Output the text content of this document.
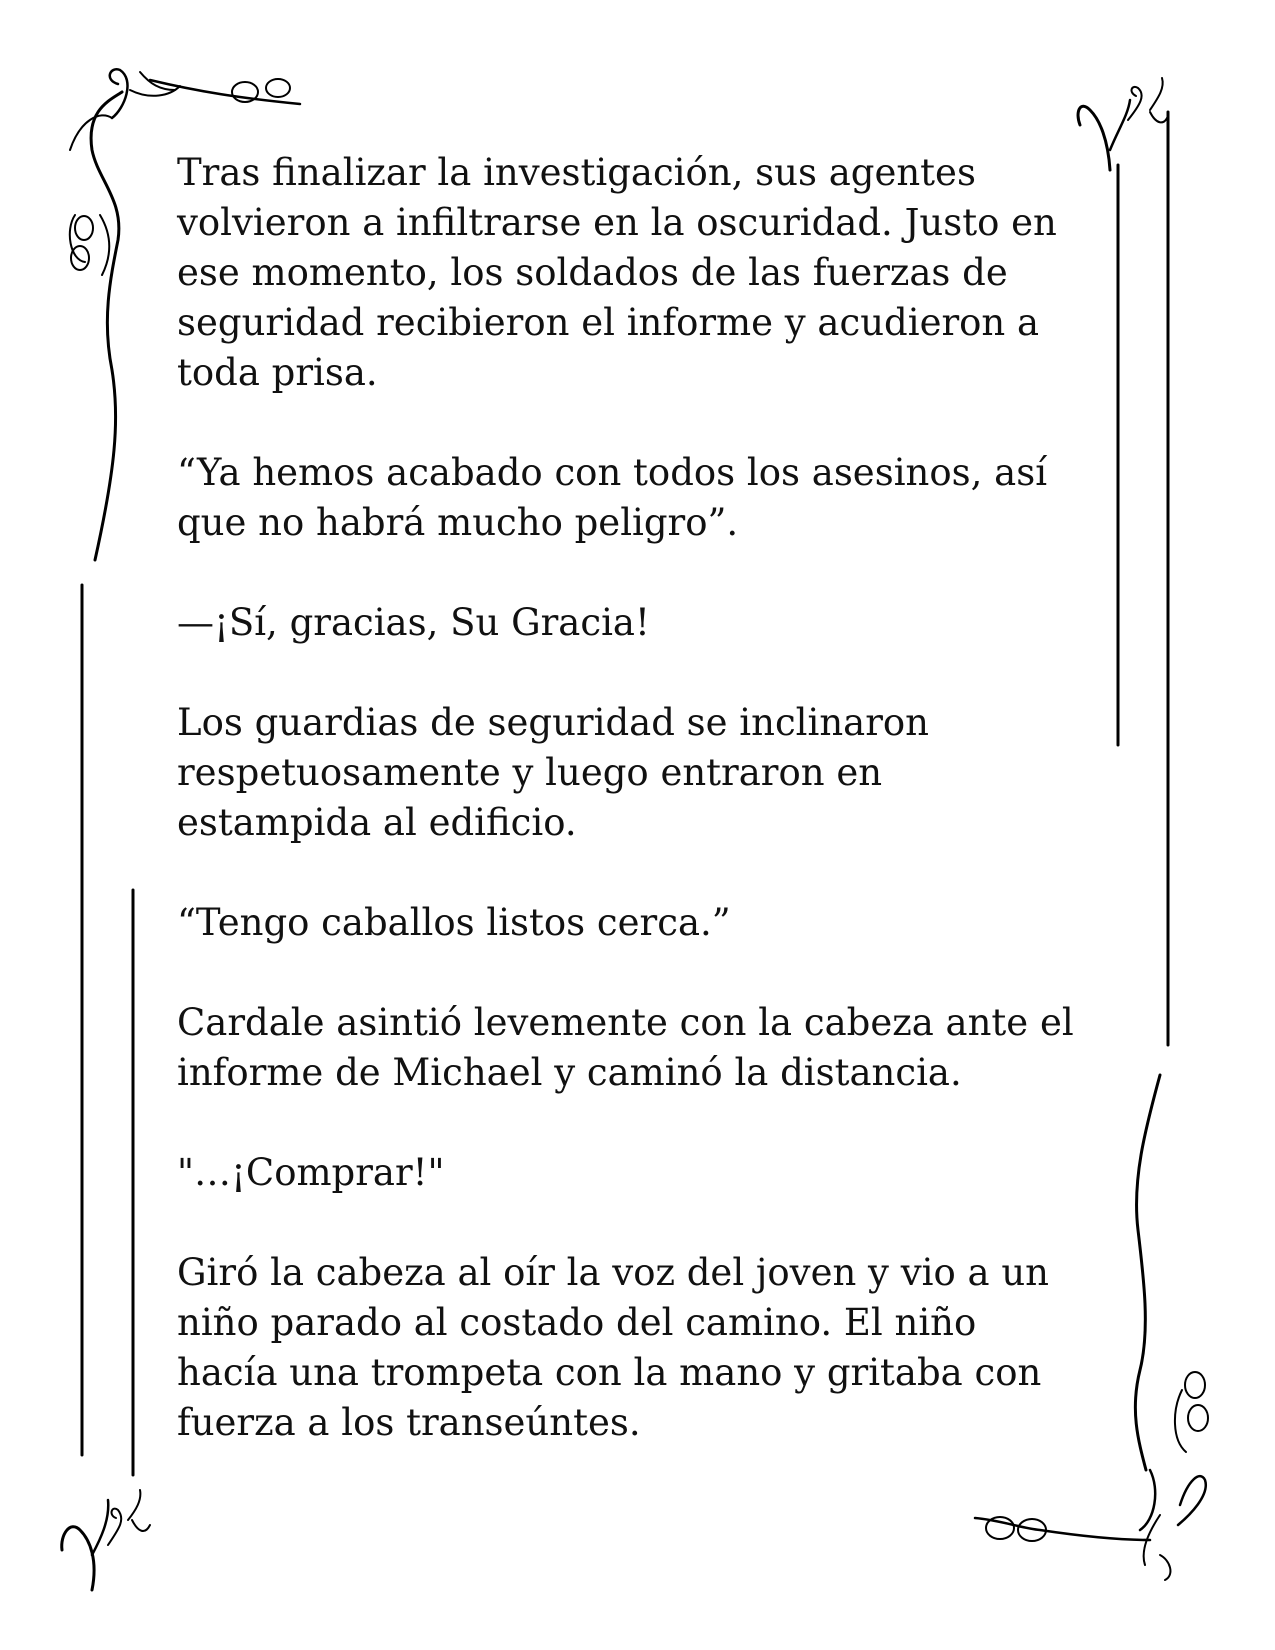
Tras finalizar la investigación, sus agentes
volvieron a infiltrarse en la oscuridad. Justo en
ese momento, los soldados de las fuerzas de
seguridad recibieron el informe y acudieron a
toda prisa.

“Ya hemos acabado con todos los asesinos, así
que no habrá mucho peligro”.

—¡Sí, gracias, Su Gracia!

Los guardias de seguridad se inclinaron
respetuosamente y luego entraron en
estampida al edificio.

“Tengo caballos listos cerca.”

Cardale asintió levemente con la cabeza ante el
informe de Michael y caminó la distancia.

"…¡Comprar!"

Giró la cabeza al oír la voz del joven y vio a un
niño parado al costado del camino. El niño
hacía una trompeta con la mano y gritaba con
fuerza a los transeúntes.
